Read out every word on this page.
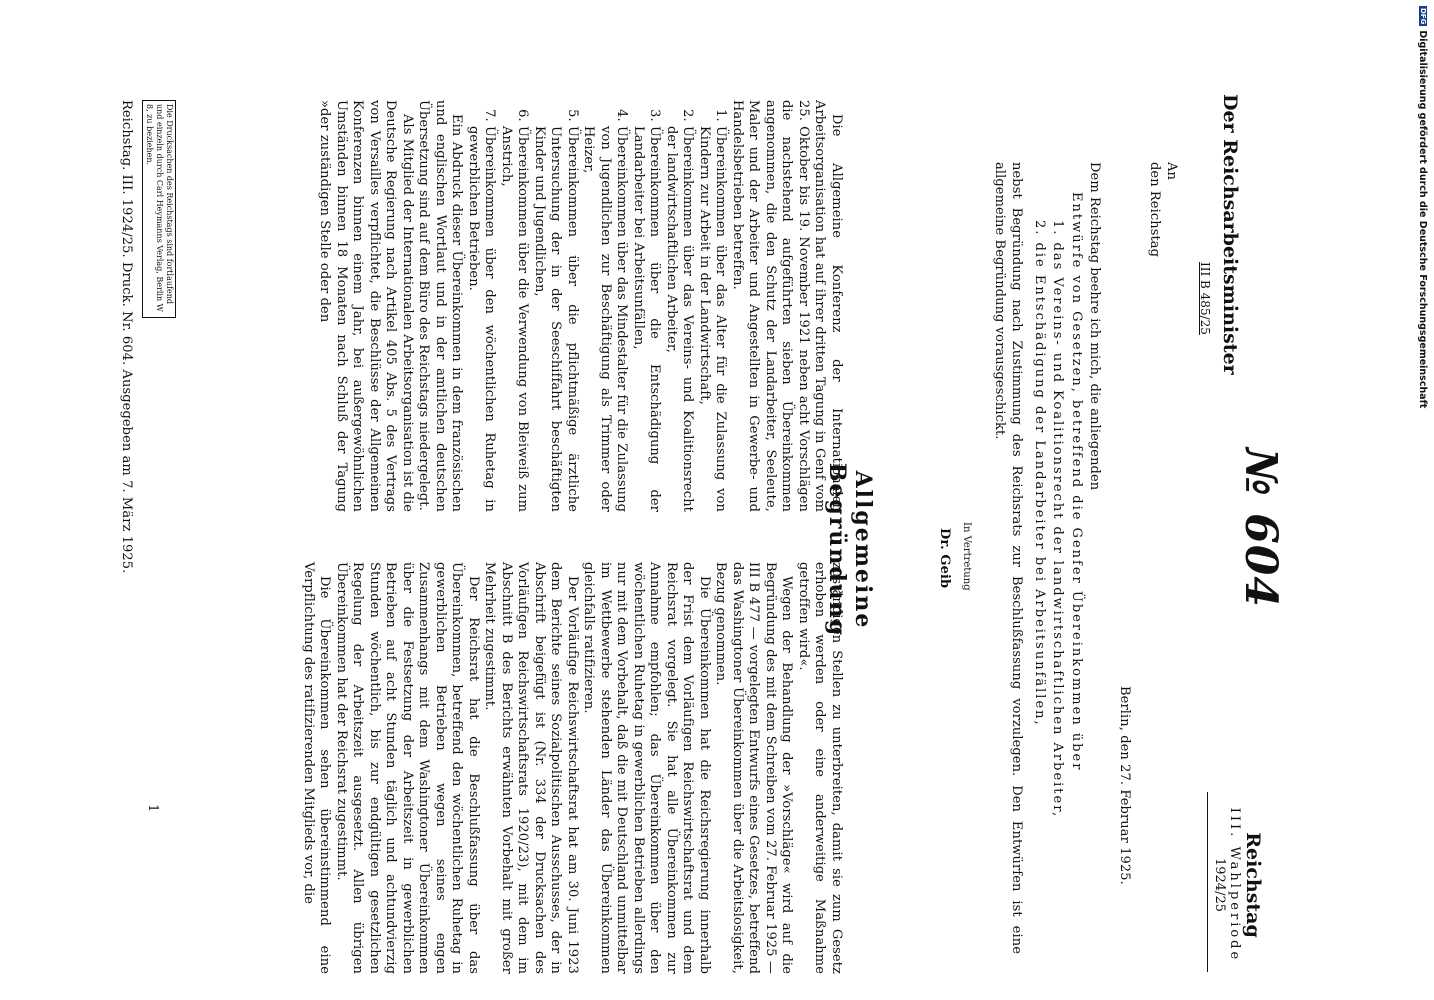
DFG
Digitalisierung gefördert durch die Deutsche Forschungsgemeinschaft
Reichstag
III. Wahlperiode
1924/25
№ 604
Der Reichsarbeitsminister
III B 485/25
An
den Reichstag
Berlin, den 27. Februar 1925.
Dem Reichstag beehre ich mich, die anliegenden
Entwürfe von Gesetzen, betreffend die Genfer Übereinkommen über
1. das Vereins- und Koalitionsrecht der landwirtschaftlichen Arbeiter,
2. die Entschädigung der Landarbeiter bei Arbeitsunfällen,
nebst Begründung nach Zustimmung des Reichsrats zur Beschlußfassung vorzulegen. Den Entwürfen ist eine allgemeine Begründung vorausgeschickt.
In Vertretung
Dr. Geib
Allgemeine Begründung

Die Allgemeine Konferenz der Internationalen Arbeitsorganisation hat auf ihrer dritten Tagung in Genf vom 25. Oktober bis 19. November 1921 neben acht Vorschlägen die nachstehend aufgeführten sieben Übereinkommen angenommen, die den Schutz der Landarbeiter, Seeleute, Maler und der Arbeiter und Angestellten in Gewerbe- und Handelsbetrieben betreffen.

1. Übereinkommen über das Alter für die Zulassung von Kindern zur Arbeit in der Landwirtschaft,
2. Übereinkommen über das Vereins- und Koalitionsrecht der landwirtschaftlichen Arbeiter,
3. Übereinkommen über die Entschädigung der Landarbeiter bei Arbeitsunfällen,
4. Übereinkommen über das Mindestalter für die Zulassung von Jugendlichen zur Beschäftigung als Trimmer oder Heizer,
5. Übereinkommen über die pflichtmäßige ärztliche Untersuchung der in der Seeschiffahrt beschäftigten Kinder und Jugendlichen,
6. Übereinkommen über die Verwendung von Bleiweiß zum Anstrich,
7. Übereinkommen über den wöchentlichen Ruhetag in gewerblichen Betrieben.

Ein Abdruck dieser Übereinkommen in dem französischen und englischen Wortlaut und in der amtlichen deutschen Übersetzung sind auf dem Büro des Reichstags niedergelegt.

Als Mitglied der Internationalen Arbeitsorganisation ist die Deutsche Regierung nach Artikel 405 Abs. 5 des Vertrags von Versailles verpflichtet, die Beschlüsse der Allgemeinen Konferenzen binnen einem Jahr, bei außergewöhnlichen Umständen binnen 18 Monaten nach Schluß der Tagung »der zuständigen Stelle oder den

zuständigen Stellen zu unterbreiten, damit sie zum Gesetz erhoben werden oder eine anderweitige Maßnahme getroffen wird«.

Wegen der Behandlung der »Vorschläge« wird auf die Begründung des mit dem Schreiben vom 27. Februar 1925 — III B 477 — vorgelegten Entwurfs eines Gesetzes, betreffend das Washingtoner Übereinkommen über die Arbeitslosigkeit, Bezug genommen.

Die Übereinkommen hat die Reichsregierung innerhalb der Frist dem Vorläufigen Reichswirtschaftsrat und dem Reichsrat vorgelegt. Sie hat alle Übereinkommen zur Annahme empfohlen; das Übereinkommen über den wöchentlichen Ruhetag in gewerblichen Betrieben allerdings nur mit dem Vorbehalt, daß die mit Deutschland unmittelbar im Wettbewerbe stehenden Länder das Übereinkommen gleichfalls ratifizieren.

Der Vorläufige Reichswirtschaftsrat hat am 30. Juni 1923 dem Berichte seines Sozialpolitischen Ausschusses, der in Abschrift beigefügt ist (Nr. 334 der Drucksachen des Vorläufigen Reichswirtschaftsrats 1920/23), mit dem im Abschnitt B des Berichts erwähnten Vorbehalt mit großer Mehrheit zugestimmt.

Der Reichsrat hat die Beschlußfassung über das Übereinkommen, betreffend den wöchentlichen Ruhetag in gewerblichen Betrieben wegen seines engen Zusammenhangs mit dem Washingtoner Übereinkommen über die Festsetzung der Arbeitszeit in gewerblichen Betrieben auf acht Stunden täglich und achtundvierzig Stunden wöchentlich, bis zur endgültigen gesetzlichen Regelung der Arbeitszeit ausgesetzt. Allen übrigen Übereinkommen hat der Reichsrat zugestimmt.

Die Übereinkommen sehen übereinstimmend eine Verpflichtung des ratifizierenden Mitglieds vor, die

1
Die Drucksachen des Reichstags sind fortlaufend und einzeln durch Carl Heymanns Verlag, Berlin W 8, zu beziehen.
Reichstag. III. 1924/25. Druck. Nr. 604. Ausgegeben am 7. März 1925.
